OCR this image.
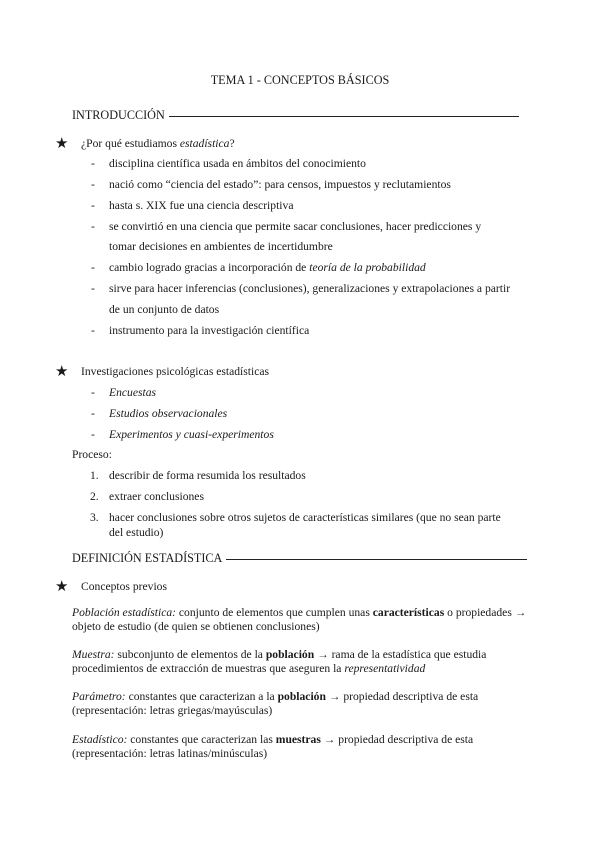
TEMA 1 - CONCEPTOS BÁSICOS
INTRODUCCIÓN
★ ¿Por qué estudiamos estadística?
- disciplina científica usada en ámbitos del conocimiento
- nació como “ciencia del estado”: para censos, impuestos y reclutamientos
- hasta s. XIX fue una ciencia descriptiva
- se convirtió en una ciencia que permite sacar conclusiones, hacer predicciones y
tomar decisiones en ambientes de incertidumbre
- cambio logrado gracias a incorporación de teoría de la probabilidad
- sirve para hacer inferencias (conclusiones), generalizaciones y extrapolaciones a partir
de un conjunto de datos
- instrumento para la investigación científica
★ Investigaciones psicológicas estadísticas
- Encuestas
- Estudios observacionales
- Experimentos y cuasi-experimentos
Proceso:
1. describir de forma resumida los resultados
2. extraer conclusiones
3. hacer conclusiones sobre otros sujetos de características similares (que no sean parte
del estudio)
DEFINICIÓN ESTADÍSTICA
★ Conceptos previos
Población estadística: conjunto de elementos que cumplen unas características o propiedades → objeto de estudio (de quien se obtienen conclusiones)
Muestra: subconjunto de elementos de la población → rama de la estadística que estudia procedimientos de extracción de muestras que aseguren la representatividad
Parámetro: constantes que caracterizan a la población → propiedad descriptiva de esta (representación: letras griegas/mayúsculas)
Estadístico: constantes que caracterizan las muestras → propiedad descriptiva de esta (representación: letras latinas/minúsculas)
